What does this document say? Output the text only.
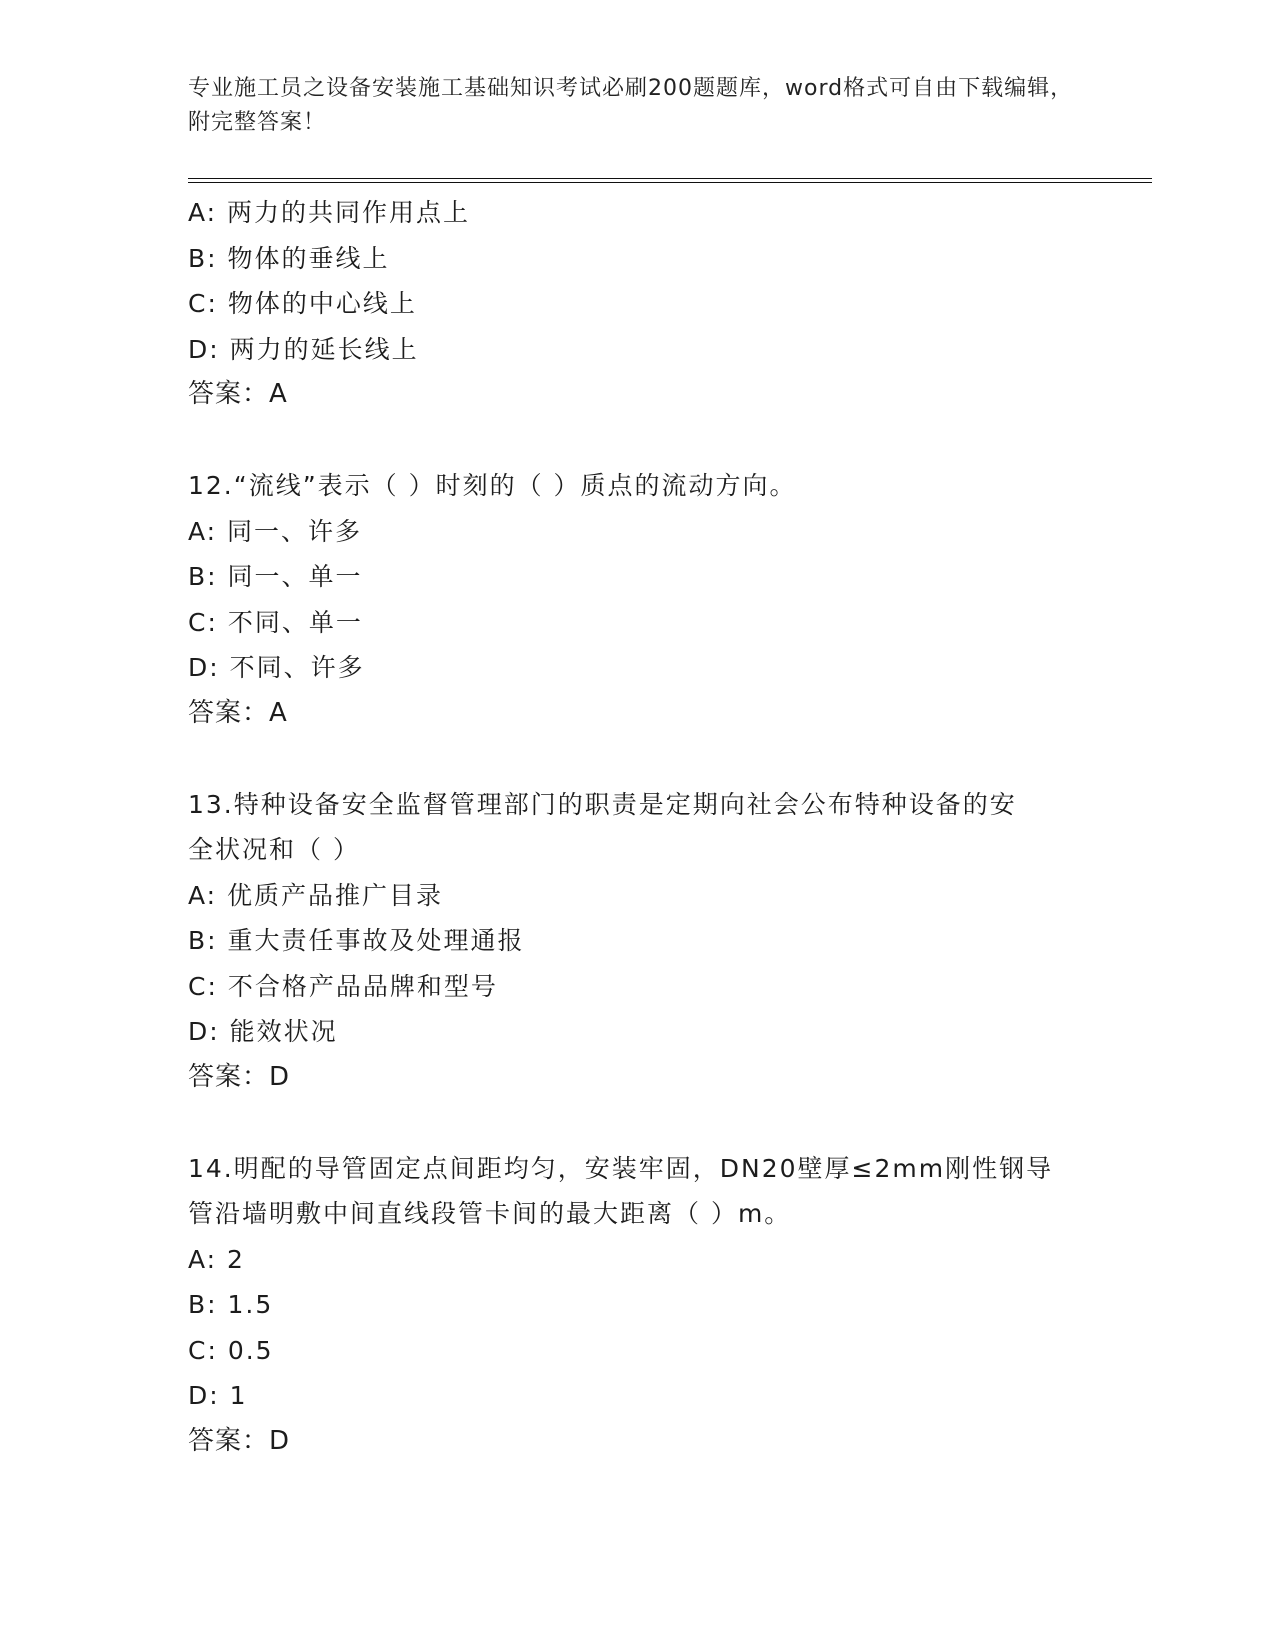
专业施工员之设备安装施工基础知识考试必刷200题题库，word格式可自由下载编辑，附完整答案！
A: 两力的共同作用点上
B: 物体的垂线上
C: 物体的中心线上
D: 两力的延长线上
答案：A
12.“流线”表示（ ）时刻的（ ）质点的流动方向。
A: 同一、许多
B: 同一、单一
C: 不同、单一
D: 不同、许多
答案：A
13.特种设备安全监督管理部门的职责是定期向社会公布特种设备的安
全状况和（ ）
A: 优质产品推广目录
B: 重大责任事故及处理通报
C: 不合格产品品牌和型号
D: 能效状况
答案：D
14.明配的导管固定点间距均匀，安装牢固，DN20壁厚≤2mm刚性钢导
管沿墙明敷中间直线段管卡间的最大距离（ ）m。
A: 2
B: 1.5
C: 0.5
D: 1
答案：D
